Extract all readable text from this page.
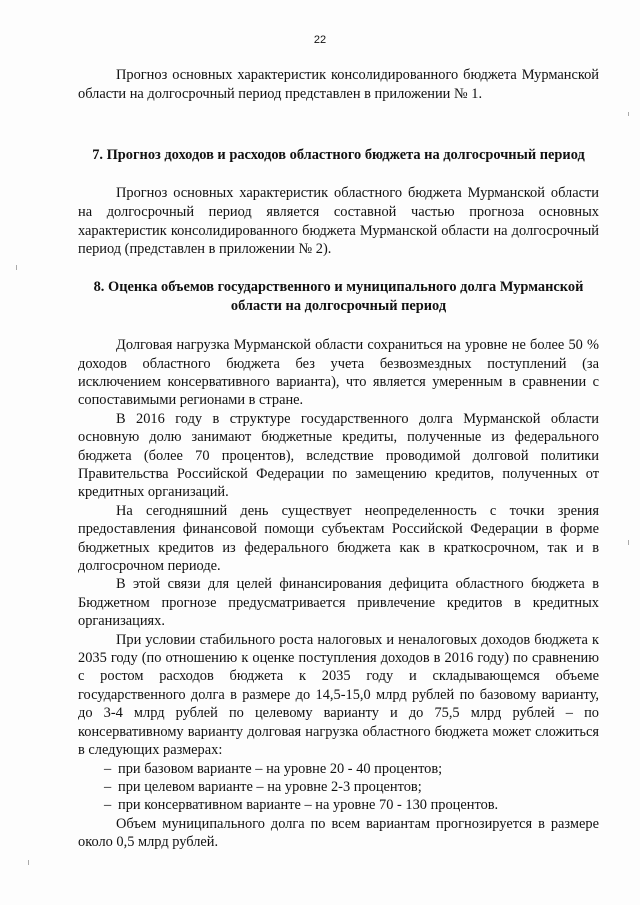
22

Прогноз основных характеристик консолидированного бюджета Мурманской области на долгосрочный период представлен в приложении № 1.

7. Прогноз доходов и расходов областного бюджета на долгосрочный период

Прогноз основных характеристик областного бюджета Мурманской области на долгосрочный период является составной частью прогноза основных характеристик консолидированного бюджета Мурманской области на долгосрочный период (представлен в приложении № 2).

8. Оценка объемов государственного и муниципального долга Мурманской области на долгосрочный период

Долговая нагрузка Мурманской области сохраниться на уровне не более 50 % доходов областного бюджета без учета безвозмездных поступлений (за исключением консервативного варианта), что является умеренным в сравнении с сопоставимыми регионами в стране.

В 2016 году в структуре государственного долга Мурманской области основную долю занимают бюджетные кредиты, полученные из федерального бюджета (более 70 процентов), вследствие проводимой долговой политики Правительства Российской Федерации по замещению кредитов, полученных от кредитных организаций.

На сегодняшний день существует неопределенность с точки зрения предоставления финансовой помощи субъектам Российской Федерации в форме бюджетных кредитов из федерального бюджета как в краткосрочном, так и в долгосрочном периоде.

В этой связи для целей финансирования дефицита областного бюджета в Бюджетном прогнозе предусматривается привлечение кредитов в кредитных организациях.

При условии стабильного роста налоговых и неналоговых доходов бюджета к 2035 году (по отношению к оценке поступления доходов в 2016 году) по сравнению с ростом расходов бюджета к 2035 году и складывающемся объеме государственного долга в размере до 14,5-15,0 млрд рублей по базовому варианту, до 3-4 млрд рублей по целевому варианту и до 75,5 млрд рублей – по консервативному варианту долговая нагрузка областного бюджета может сложиться в следующих размерах:

– при базовом варианте – на уровне 20 - 40 процентов;
– при целевом варианте – на уровне 2-3 процентов;
– при консервативном варианте – на уровне 70 - 130 процентов.

Объем муниципального долга по всем вариантам прогнозируется в размере около 0,5 млрд рублей.
